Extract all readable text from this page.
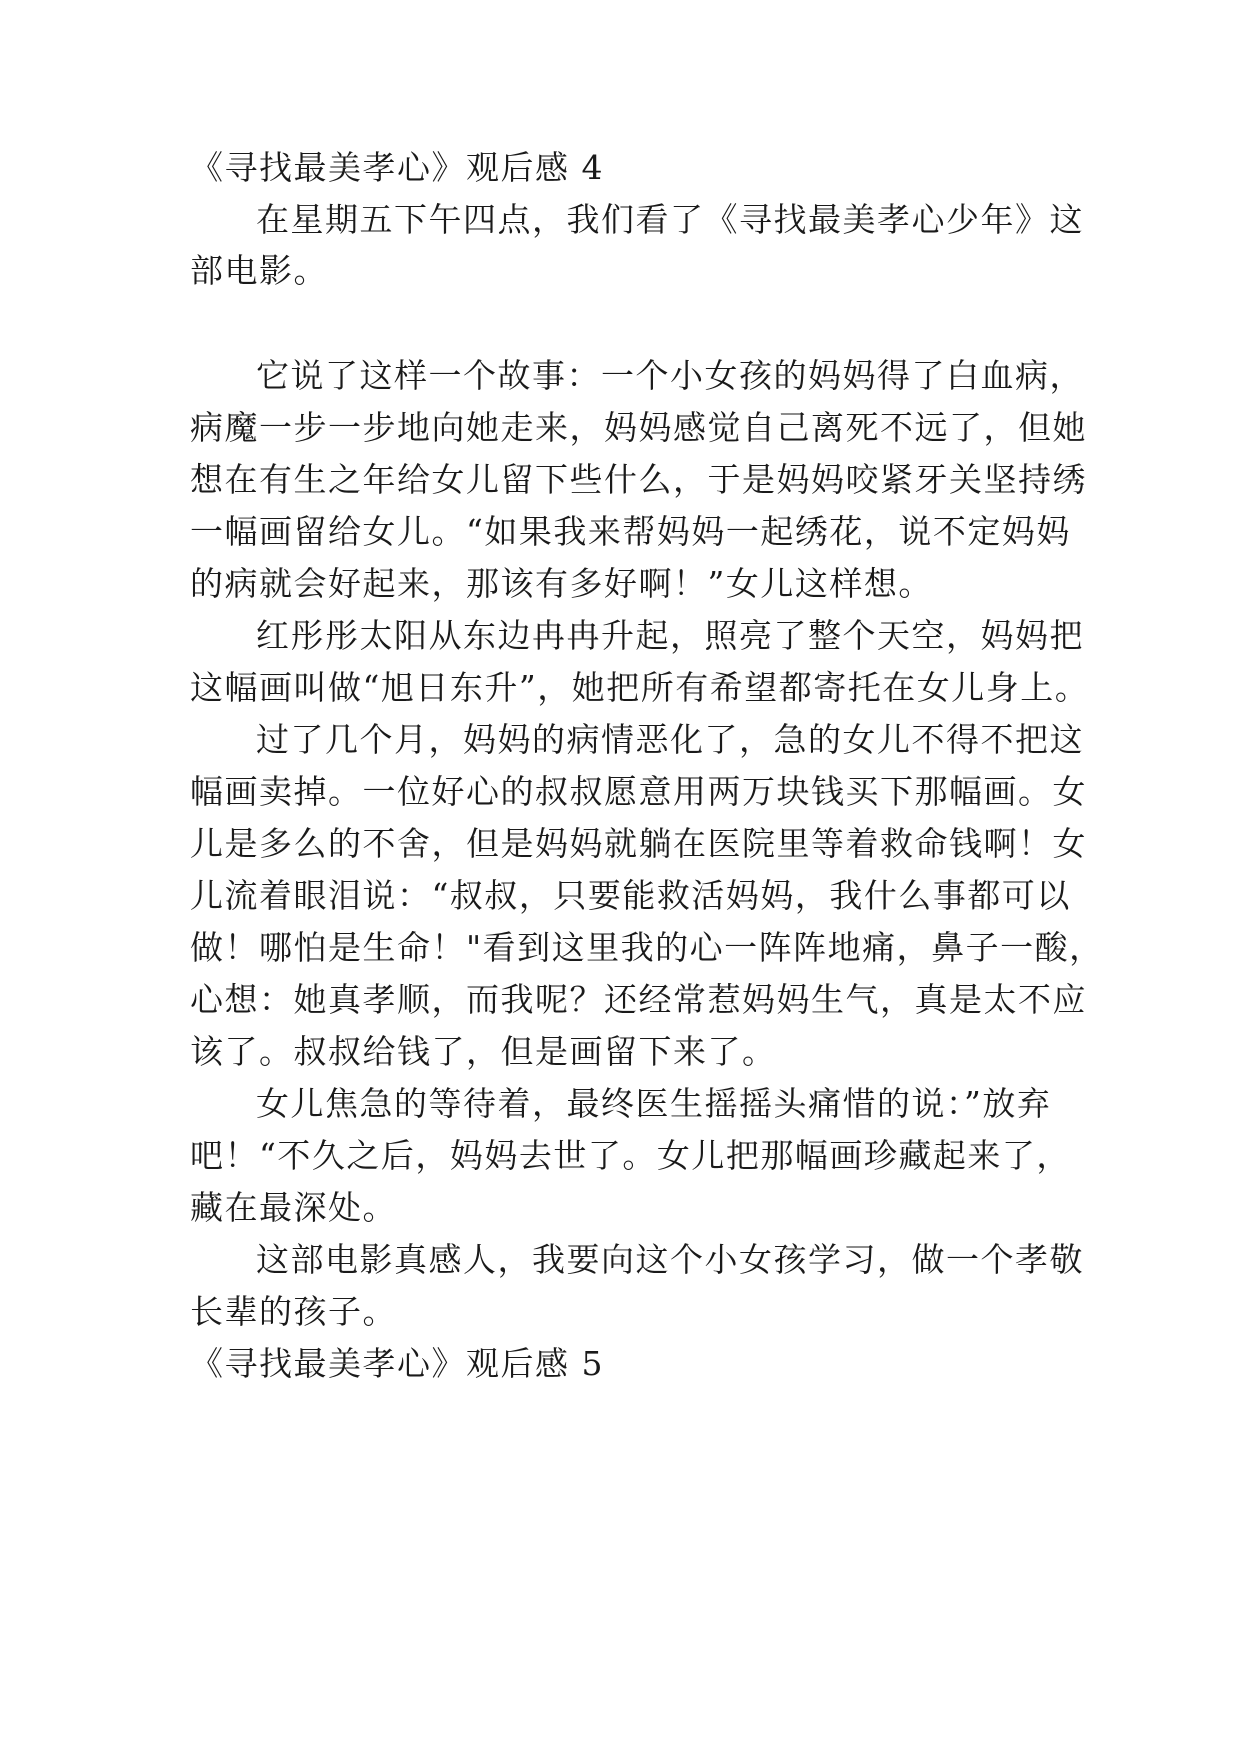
《寻找最美孝心》观后感 4
在星期五下午四点，我们看了《寻找最美孝心少年》这
部电影。
它说了这样一个故事：一个小女孩的妈妈得了白血病，
病魔一步一步地向她走来，妈妈感觉自己离死不远了，但她
想在有生之年给女儿留下些什么，于是妈妈咬紧牙关坚持绣
一幅画留给女儿。“如果我来帮妈妈一起绣花，说不定妈妈
的病就会好起来，那该有多好啊！”女儿这样想。
红彤彤太阳从东边冉冉升起，照亮了整个天空，妈妈把
这幅画叫做“旭日东升”，她把所有希望都寄托在女儿身上。
过了几个月，妈妈的病情恶化了，急的女儿不得不把这
幅画卖掉。一位好心的叔叔愿意用两万块钱买下那幅画。女
儿是多么的不舍，但是妈妈就躺在医院里等着救命钱啊！女
儿流着眼泪说：“叔叔，只要能救活妈妈，我什么事都可以
做！哪怕是生命！"看到这里我的心一阵阵地痛，鼻子一酸，
心想：她真孝顺，而我呢？还经常惹妈妈生气，真是太不应
该了。叔叔给钱了，但是画留下来了。
女儿焦急的等待着，最终医生摇摇头痛惜的说：”放弃
吧！“不久之后，妈妈去世了。女儿把那幅画珍藏起来了，
藏在最深处。
这部电影真感人，我要向这个小女孩学习，做一个孝敬
长辈的孩子。
《寻找最美孝心》观后感 5
